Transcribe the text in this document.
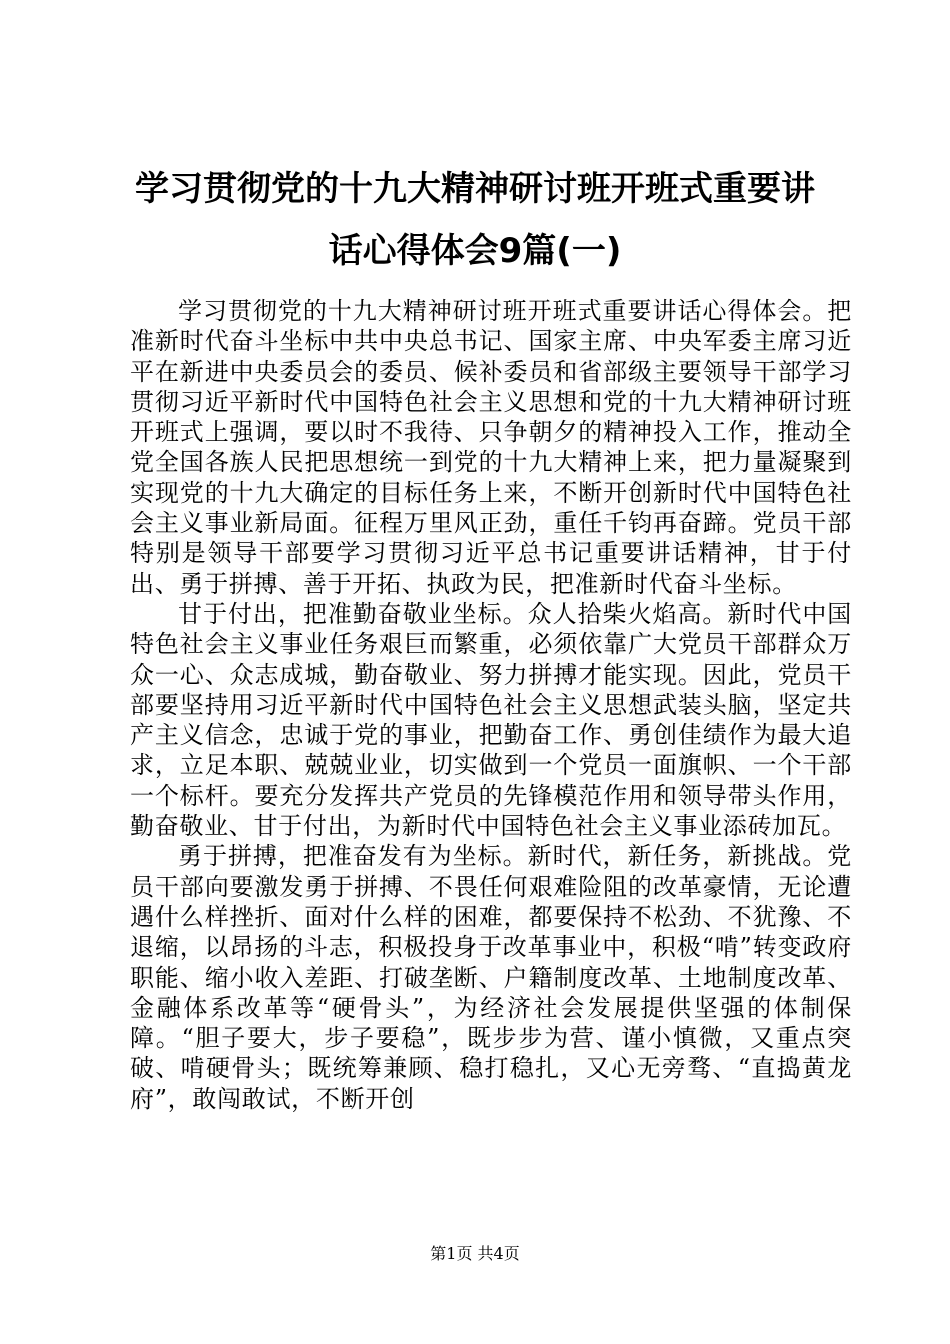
学习贯彻党的十九大精神研讨班开班式重要讲
话心得体会9篇(一)

学习贯彻党的十九大精神研讨班开班式重要讲话心得体会。把准新时代奋斗坐标中共中央总书记、国家主席、中央军委主席习近平在新进中央委员会的委员、候补委员和省部级主要领导干部学习贯彻习近平新时代中国特色社会主义思想和党的十九大精神研讨班开班式上强调，要以时不我待、只争朝夕的精神投入工作，推动全党全国各族人民把思想统一到党的十九大精神上来，把力量凝聚到实现党的十九大确定的目标任务上来，不断开创新时代中国特色社会主义事业新局面。征程万里风正劲，重任千钧再奋蹄。党员干部特别是领导干部要学习贯彻习近平总书记重要讲话精神，甘于付出、勇于拼搏、善于开拓、执政为民，把准新时代奋斗坐标。

甘于付出，把准勤奋敬业坐标。众人拾柴火焰高。新时代中国特色社会主义事业任务艰巨而繁重，必须依靠广大党员干部群众万众一心、众志成城，勤奋敬业、努力拼搏才能实现。因此，党员干部要坚持用习近平新时代中国特色社会主义思想武装头脑，坚定共产主义信念，忠诚于党的事业，把勤奋工作、勇创佳绩作为最大追求，立足本职、兢兢业业，切实做到一个党员一面旗帜、一个干部一个标杆。要充分发挥共产党员的先锋模范作用和领导带头作用，勤奋敬业、甘于付出，为新时代中国特色社会主义事业添砖加瓦。

勇于拼搏，把准奋发有为坐标。新时代，新任务，新挑战。党员干部向要激发勇于拼搏、不畏任何艰难险阻的改革豪情，无论遭遇什么样挫折、面对什么样的困难，都要保持不松劲、不犹豫、不退缩，以昂扬的斗志，积极投身于改革事业中，积极“啃”转变政府职能、缩小收入差距、打破垄断、户籍制度改革、土地制度改革、金融体系改革等“硬骨头”，为经济社会发展提供坚强的体制保障。“胆子要大，步子要稳”，既步步为营、谨小慎微，又重点突破、啃硬骨头；既统筹兼顾、稳打稳扎，又心无旁骛、“直捣黄龙府”，敢闯敢试，不断开创

第1页 共4页
